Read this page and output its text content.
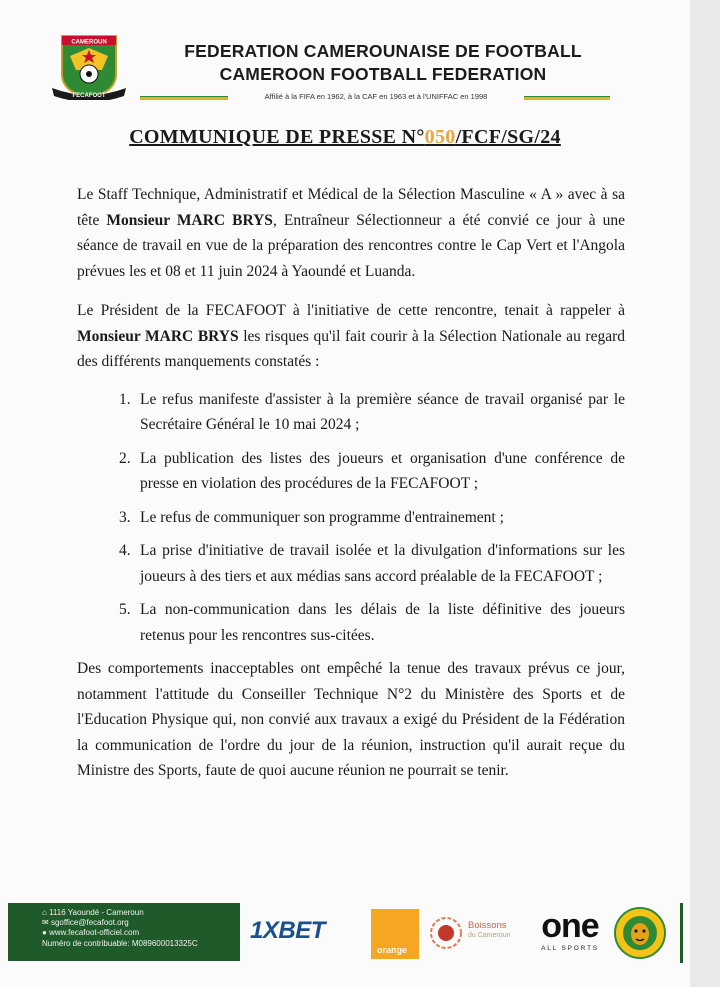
CAMEROUN
FECAFOOT
FEDERATION CAMEROUNAISE DE FOOTBALL
CAMEROON FOOTBALL FEDERATION
Affilié à la FIFA en 1962, à la CAF en 1963 et à l'UNIFFAC en 1998
COMMUNIQUE DE PRESSE N°050/FCF/SG/24

Le Staff Technique, Administratif et Médical de la Sélection Masculine « A » avec à sa tête Monsieur MARC BRYS, Entraîneur Sélectionneur a été convié ce jour à une séance de travail en vue de la préparation des rencontres contre le Cap Vert et l'Angola prévues les et 08 et 11 juin 2024 à Yaoundé et Luanda.

Le Président de la FECAFOOT à l'initiative de cette rencontre, tenait à rappeler à Monsieur MARC BRYS les risques qu'il fait courir à la Sélection Nationale au regard des différents manquements constatés :

1. Le refus manifeste d'assister à la première séance de travail organisé par le Secrétaire Général le 10 mai 2024 ;
2. La publication des listes des joueurs et organisation d'une conférence de presse en violation des procédures de la FECAFOOT ;
3. Le refus de communiquer son programme d'entrainement ;
4. La prise d'initiative de travail isolée et la divulgation d'informations sur les joueurs à des tiers et aux médias sans accord préalable de la FECAFOOT ;
5. La non-communication dans les délais de la liste définitive des joueurs retenus pour les rencontres sus-citées.

Des comportements inacceptables ont empêché la tenue des travaux prévus ce jour, notamment l'attitude du Conseiller Technique N°2 du Ministère des Sports et de l'Education Physique qui, non convié aux travaux a exigé du Président de la Fédération la communication de l'ordre du jour de la réunion, instruction qu'il aurait reçue du Ministre des Sports, faute de quoi aucune réunion ne pourrait se tenir.

⌂ 1116 Yaoundé - Cameroun
✉ sgoffice@fecafoot.org
● www.fecafoot-officiel.com
Numéro de contribuable: M089600013325C	1XBET
orange
Boissons
du Cameroun one
ALL SPORTS
